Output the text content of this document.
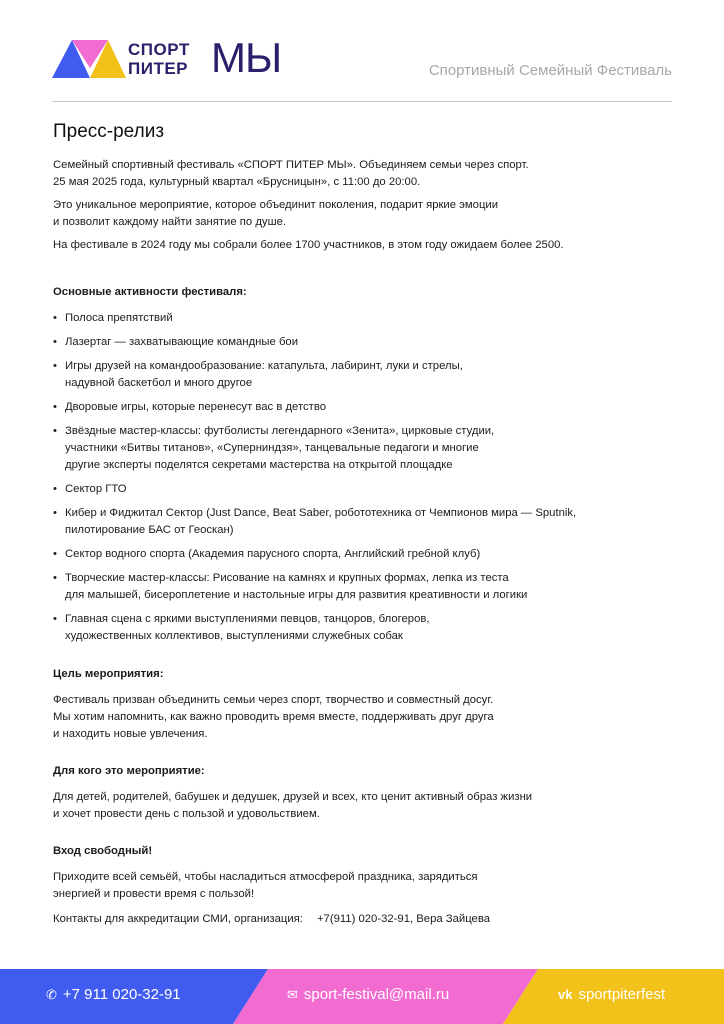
СПОРТ
ПИТЕР МЫ	Спортивный Семейный Фестиваль
Пресс-релиз

Семейный спортивный фестиваль «СПОРТ ПИТЕР МЫ». Объединяем семьи через спорт.
25 мая 2025 года, культурный квартал «Брусницын», с 11:00 до 20:00.

Это уникальное мероприятие, которое объединит поколения, подарит яркие эмоции
и позволит каждому найти занятие по душе.

На фестивале в 2024 году мы собрали более 1700 участников, в этом году ожидаем более 2500.

Основные активности фестиваля:
• Полоса препятствий
• Лазертаг — захватывающие командные бои
• Игры друзей на командообразование: катапульта, лабиринт, луки и стрелы,
надувной баскетбол и много другое
• Дворовые игры, которые перенесут вас в детство
• Звёздные мастер-классы: футболисты легендарного «Зенита», цирковые студии,
участники «Битвы титанов», «Суперниндзя», танцевальные педагоги и многие
другие эксперты поделятся секретами мастерства на открытой площадке
• Сектор ГТО
• Кибер и Фиджитал Сектор (Just Dance, Beat Saber, робототехника от Чемпионов мира — Sputnik,
пилотирование БАС от Геоскан)
• Сектор водного спорта (Академия парусного спорта, Английский гребной клуб)
• Творческие мастер-классы: Рисование на камнях и крупных формах, лепка из теста
для малышей, бисероплетение и настольные игры для развития креативности и логики
• Главная сцена с яркими выступлениями певцов, танцоров, блогеров,
художественных коллективов, выступлениями служебных собак
Цель мероприятия:

Фестиваль призван объединить семьи через спорт, творчество и совместный досуг.
Мы хотим напомнить, как важно проводить время вместе, поддерживать друг друга
и находить новые увлечения.

Для кого это мероприятие:

Для детей, родителей, бабушек и дедушек, друзей и всех, кто ценит активный образ жизни
и хочет провести день с пользой и удовольствием.

Вход свободный!

Приходите всей семьёй, чтобы насладиться атмосферой праздника, зарядиться
энергией и провести время с пользой!

Контакты для аккредитации СМИ, организация: +7(911) 020-32-91, Вера Зайцева
✆ +7 911 020-32-91	✉ sport-festival@mail.ru	vk sportpiterfest
